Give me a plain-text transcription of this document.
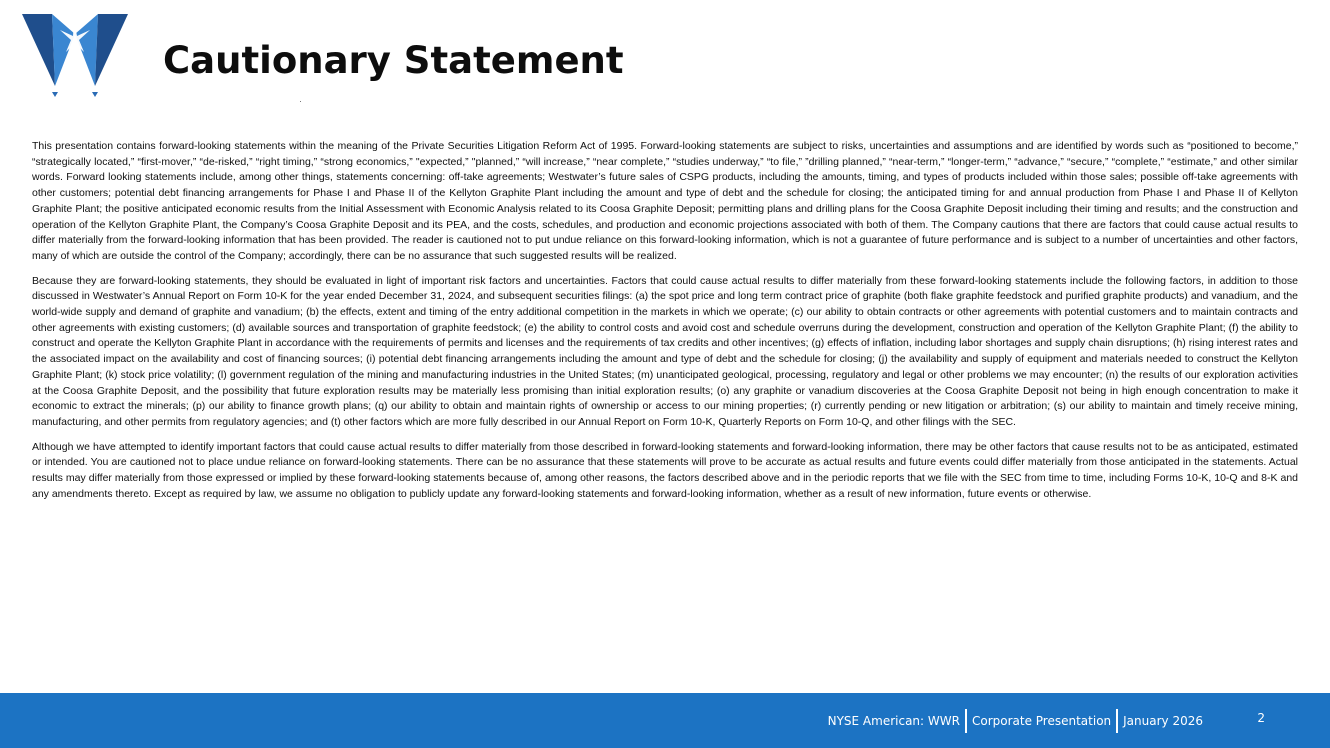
Cautionary Statement

This presentation contains forward-looking statements within the meaning of the Private Securities Litigation Reform Act of 1995. Forward-looking statements are subject to risks, uncertainties and assumptions and are identified by words such as “positioned to become,” “strategically located,” “first-mover,” “de-risked,” “right timing,” “strong economics,” "expected,” "planned,” “will increase,” “near complete,” “studies underway,” “to file,” ”drilling planned,” “near-term,” “longer-term,” “advance,” “secure,” “complete,” “estimate,” and other similar words. Forward looking statements include, among other things, statements concerning: off-take agreements; Westwater’s future sales of CSPG products, including the amounts, timing, and types of products included within those sales; possible off-take agreements with other customers; potential debt financing arrangements for Phase I and Phase II of the Kellyton Graphite Plant including the amount and type of debt and the schedule for closing; the anticipated timing for and annual production from Phase I and Phase II of Kellyton Graphite Plant; the positive anticipated economic results from the Initial Assessment with Economic Analysis related to its Coosa Graphite Deposit; permitting plans and drilling plans for the Coosa Graphite Deposit including their timing and results; and the construction and operation of the Kellyton Graphite Plant, the Company’s Coosa Graphite Deposit and its PEA, and the costs, schedules, and production and economic projections associated with both of them. The Company cautions that there are factors that could cause actual results to differ materially from the forward-looking information that has been provided. The reader is cautioned not to put undue reliance on this forward-looking information, which is not a guarantee of future performance and is subject to a number of uncertainties and other factors, many of which are outside the control of the Company; accordingly, there can be no assurance that such suggested results will be realized.

Because they are forward-looking statements, they should be evaluated in light of important risk factors and uncertainties. Factors that could cause actual results to differ materially from these forward-looking statements include the following factors, in addition to those discussed in Westwater’s Annual Report on Form 10-K for the year ended December 31, 2024, and subsequent securities filings: (a) the spot price and long term contract price of graphite (both flake graphite feedstock and purified graphite products) and vanadium, and the world-wide supply and demand of graphite and vanadium; (b) the effects, extent and timing of the entry additional competition in the markets in which we operate; (c) our ability to obtain contracts or other agreements with potential customers and to maintain contracts and other agreements with existing customers; (d) available sources and transportation of graphite feedstock; (e) the ability to control costs and avoid cost and schedule overruns during the development, construction and operation of the Kellyton Graphite Plant; (f) the ability to construct and operate the Kellyton Graphite Plant in accordance with the requirements of permits and licenses and the requirements of tax credits and other incentives; (g) effects of inflation, including labor shortages and supply chain disruptions; (h) rising interest rates and the associated impact on the availability and cost of financing sources; (i) potential debt financing arrangements including the amount and type of debt and the schedule for closing; (j) the availability and supply of equipment and materials needed to construct the Kellyton Graphite Plant; (k) stock price volatility; (l) government regulation of the mining and manufacturing industries in the United States; (m) unanticipated geological, processing, regulatory and legal or other problems we may encounter; (n) the results of our exploration activities at the Coosa Graphite Deposit, and the possibility that future exploration results may be materially less promising than initial exploration results; (o) any graphite or vanadium discoveries at the Coosa Graphite Deposit not being in high enough concentration to make it economic to extract the minerals; (p) our ability to finance growth plans; (q) our ability to obtain and maintain rights of ownership or access to our mining properties; (r) currently pending or new litigation or arbitration; (s) our ability to maintain and timely receive mining, manufacturing, and other permits from regulatory agencies; and (t) other factors which are more fully described in our Annual Report on Form 10-K, Quarterly Reports on Form 10-Q, and other filings with the SEC.

Although we have attempted to identify important factors that could cause actual results to differ materially from those described in forward-looking statements and forward-looking information, there may be other factors that cause results not to be as anticipated, estimated or intended. You are cautioned not to place undue reliance on forward-looking statements. There can be no assurance that these statements will prove to be accurate as actual results and future events could differ materially from those anticipated in the statements. Actual results may differ materially from those expressed or implied by these forward-looking statements because of, among other reasons, the factors described above and in the periodic reports that we file with the SEC from time to time, including Forms 10-K, 10-Q and 8-K and any amendments thereto. Except as required by law, we assume no obligation to publicly update any forward-looking statements and forward-looking information, whether as a result of new information, future events or otherwise.

NYSE American: WWR Corporate Presentation January 2026	2
